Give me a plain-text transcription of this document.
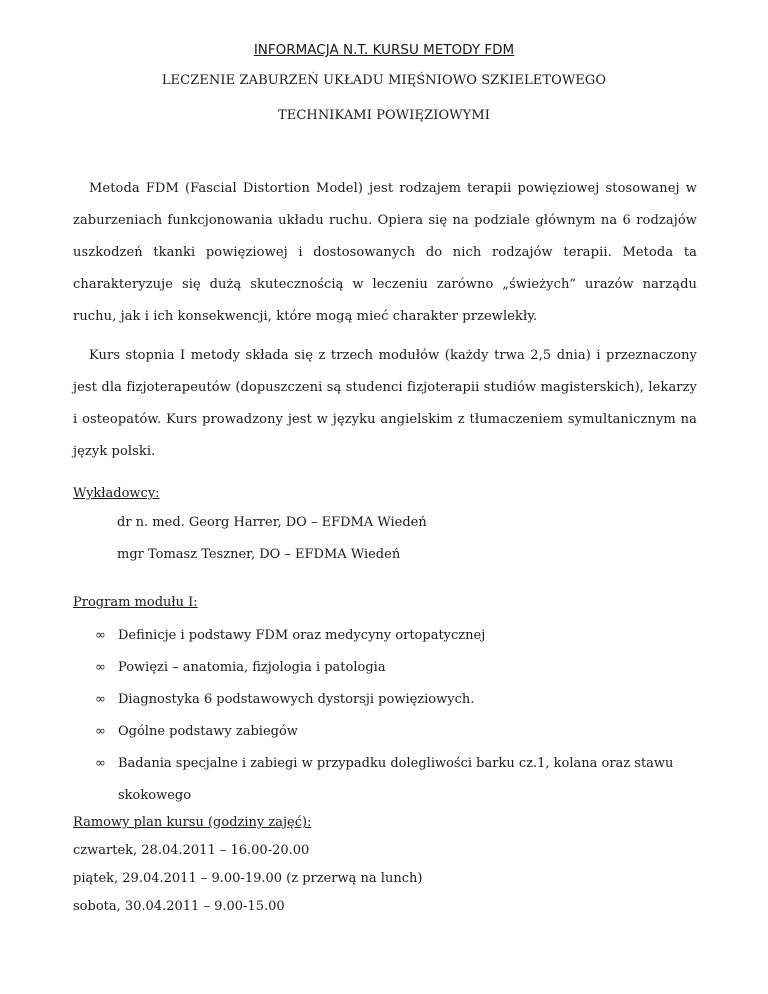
INFORMACJA N.T. KURSU METODY FDM
LECZENIE ZABURZEŃ UKŁADU MIĘŚNIOWO SZKIELETOWEGO
TECHNIKAMI POWIĘZIOWYMI

Metoda FDM (Fascial Distortion Model) jest rodzajem terapii powięziowej stosowanej w zaburzeniach funkcjonowania układu ruchu. Opiera się na podziale głównym na 6 rodzajów uszkodzeń tkanki powięziowej i dostosowanych do nich rodzajów terapii. Metoda ta charakteryzuje się dużą skutecznością w leczeniu zarówno „świeżych” urazów narządu ruchu, jak i ich konsekwencji, które mogą mieć charakter przewlekły.

Kurs stopnia I metody składa się z trzech modułów (każdy trwa 2,5 dnia) i przeznaczony jest dla fizjoterapeutów (dopuszczeni są studenci fizjoterapii studiów magisterskich), lekarzy i osteopatów. Kurs prowadzony jest w języku angielskim z tłumaczeniem symultanicznym na język polski.

Wykładowcy:
dr n. med. Georg Harrer, DO – EFDMA Wiedeń
mgr Tomasz Teszner, DO – EFDMA Wiedeń
Program modułu I:
∞ Definicje i podstawy FDM oraz medycyny ortopatycznej
∞ Powięzi – anatomia, fizjologia i patologia
∞ Diagnostyka 6 podstawowych dystorsji powięziowych.
∞ Ogólne podstawy zabiegów
∞ Badania specjalne i zabiegi w przypadku dolegliwości barku cz.1, kolana oraz stawu skokowego
Ramowy plan kursu (godziny zajęć):
czwartek, 28.04.2011 – 16.00-20.00
piątek, 29.04.2011 – 9.00-19.00 (z przerwą na lunch)
sobota, 30.04.2011 – 9.00-15.00
